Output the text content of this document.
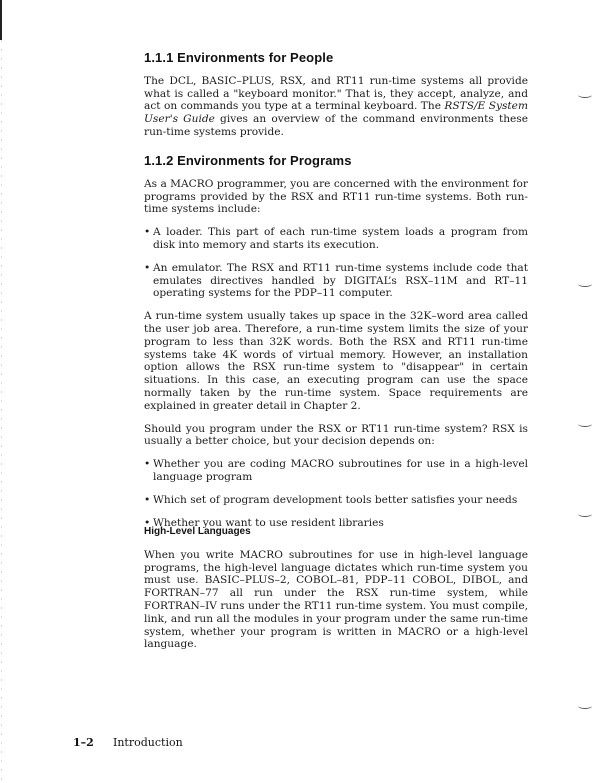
1.1.1 Environments for People

The DCL, BASIC–PLUS, RSX, and RT11 run-time systems all provide what is called a "keyboard monitor." That is, they accept, analyze, and act on commands you type at a terminal keyboard. The RSTS/E System User's Guide gives an overview of the command environments these run-time systems provide.

1.1.2 Environments for Programs

As a MACRO programmer, you are concerned with the environment for programs provided by the RSX and RT11 run-time systems. Both run-time systems include:

• A loader. This part of each run-time system loads a program from disk into memory and starts its execution.
• An emulator. The RSX and RT11 run-time systems include code that emulates directives handled by DIGITAL’s RSX–11M and RT–11 operating systems for the PDP–11 computer.

A run-time system usually takes up space in the 32K–word area called the user job area. Therefore, a run-time system limits the size of your program to less than 32K words. Both the RSX and RT11 run-time systems take 4K words of virtual memory. However, an installation option allows the RSX run-time system to "disappear" in certain situations. In this case, an executing program can use the space normally taken by the run-time system. Space requirements are explained in greater detail in Chapter 2.

Should you program under the RSX or RT11 run-time system? RSX is usually a better choice, but your decision depends on:

• Whether you are coding MACRO subroutines for use in a high-level language program
• Which set of program development tools better satisfies your needs
• Whether you want to use resident libraries
High-Level Languages

When you write MACRO subroutines for use in high-level language programs, the high-level language dictates which run-time system you must use. BASIC–PLUS–2, COBOL–81, PDP–11 COBOL, DIBOL, and FORTRAN–77 all run under the RSX run-time system, while FORTRAN–IV runs under the RT11 run-time system. You must compile, link, and run all the modules in your program under the same run-time system, whether your program is written in MACRO or a high-level language.

1–2 Introduction
